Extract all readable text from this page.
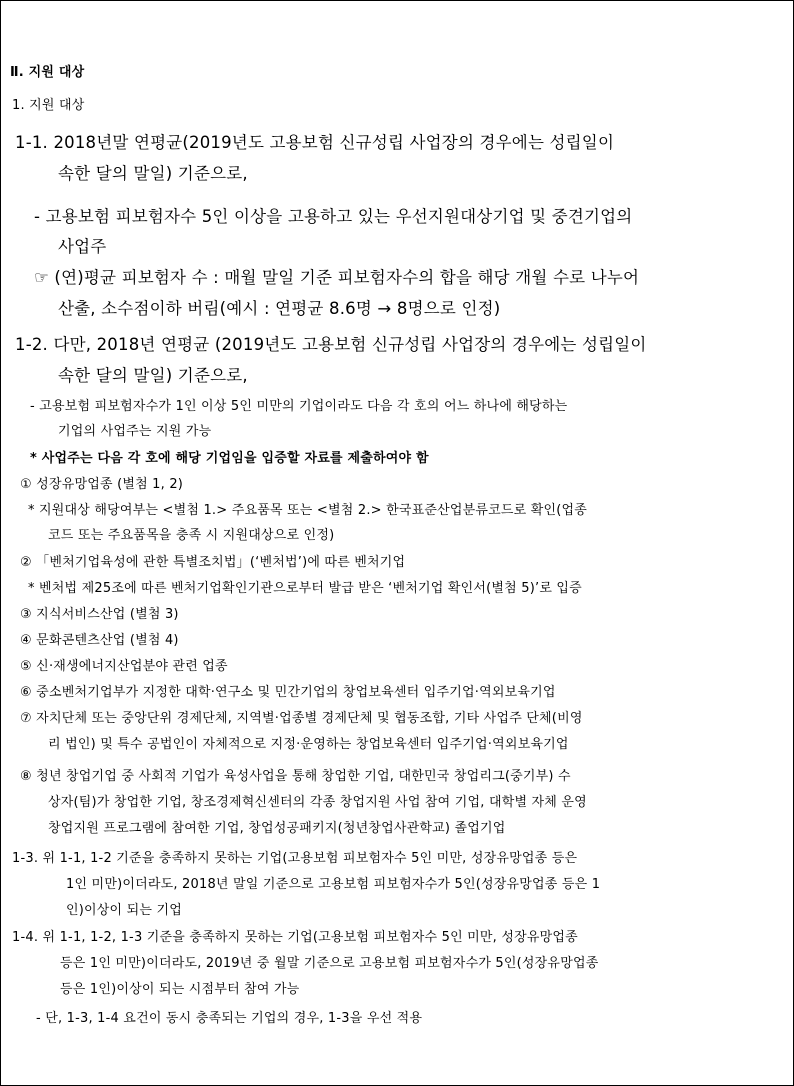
Ⅱ. 지원 대상
1. 지원 대상
1-1. 2018년말 연평균(2019년도 고용보험 신규성립 사업장의 경우에는 성립일이
속한 달의 말일) 기준으로,
- 고용보험 피보험자수 5인 이상을 고용하고 있는 우선지원대상기업 및 중견기업의
사업주
☞ (연)평균 피보험자 수 : 매월 말일 기준 피보험자수의 합을 해당 개월 수로 나누어
산출, 소수점이하 버림(예시 : 연평균 8.6명 → 8명으로 인정)
1-2. 다만, 2018년 연평균 (2019년도 고용보험 신규성립 사업장의 경우에는 성립일이
속한 달의 말일) 기준으로,
- 고용보험 피보험자수가 1인 이상 5인 미만의 기업이라도 다음 각 호의 어느 하나에 해당하는
기업의 사업주는 지원 가능
* 사업주는 다음 각 호에 해당 기업임을 입증할 자료를 제출하여야 함
① 성장유망업종 (별첨 1, 2)
* 지원대상 해당여부는 <별첨 1.> 주요품목 또는 <별첨 2.> 한국표준산업분류코드로 확인(업종
코드 또는 주요품목을 충족 시 지원대상으로 인정)
② 「벤처기업육성에 관한 특별조치법」(‘벤처법’)에 따른 벤처기업
* 벤처법 제25조에 따른 벤처기업확인기관으로부터 발급 받은 ‘벤처기업 확인서(별첨 5)’로 입증
③ 지식서비스산업 (별첨 3)
④ 문화콘텐츠산업 (별첨 4)
⑤ 신·재생에너지산업분야 관련 업종
⑥ 중소벤처기업부가 지정한 대학·연구소 및 민간기업의 창업보육센터 입주기업·역외보육기업
⑦ 자치단체 또는 중앙단위 경제단체, 지역별·업종별 경제단체 및 협동조합, 기타 사업주 단체(비영
리 법인) 및 특수 공법인이 자체적으로 지정·운영하는 창업보육센터 입주기업·역외보육기업
⑧ 청년 창업기업 중 사회적 기업가 육성사업을 통해 창업한 기업, 대한민국 창업리그(중기부) 수
상자(팀)가 창업한 기업, 창조경제혁신센터의 각종 창업지원 사업 참여 기업, 대학별 자체 운영
창업지원 프로그램에 참여한 기업, 창업성공패키지(청년창업사관학교) 졸업기업
1-3. 위 1-1, 1-2 기준을 충족하지 못하는 기업(고용보험 피보험자수 5인 미만, 성장유망업종 등은
1인 미만)이더라도, 2018년 말일 기준으로 고용보험 피보험자수가 5인(성장유망업종 등은 1
인)이상이 되는 기업
1-4. 위 1-1, 1-2, 1-3 기준을 충족하지 못하는 기업(고용보험 피보험자수 5인 미만, 성장유망업종
등은 1인 미만)이더라도, 2019년 중 월말 기준으로 고용보험 피보험자수가 5인(성장유망업종
등은 1인)이상이 되는 시점부터 참여 가능
- 단, 1-3, 1-4 요건이 동시 충족되는 기업의 경우, 1-3을 우선 적용
